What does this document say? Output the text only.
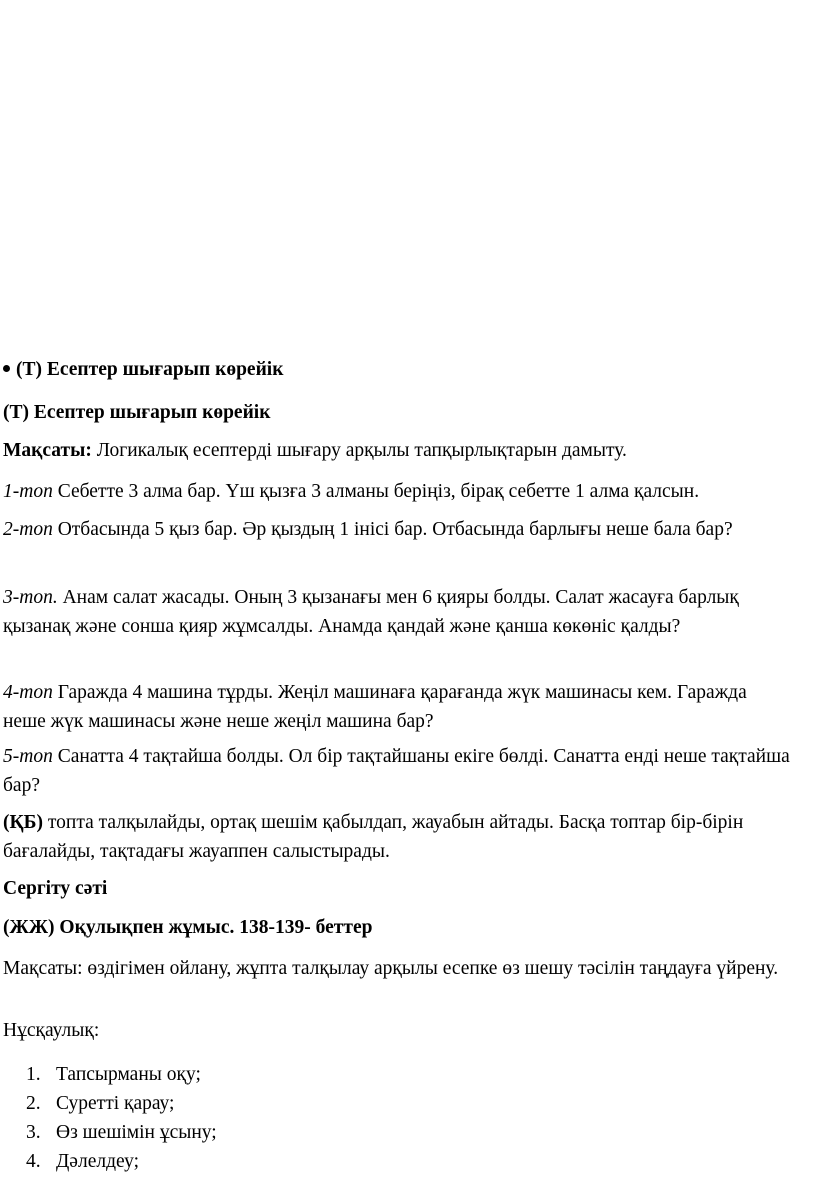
(Т) Есептер шығарып көрейік

(Т) Есептер шығарып көрейік

Мақсаты: Логикалық есептерді шығару арқылы тапқырлықтарын дамыту.

1-топ Себетте 3 алма бар. Үш қызға 3 алманы беріңіз, бірақ себетте 1 алма қалсын.

2-топ Отбасында 5 қыз бар. Әр қыздың 1 інісі бар. Отбасында барлығы неше бала бар?

3-топ. Анам салат жасады. Оның 3 қызанағы мен 6 қияры болды. Салат жасауға барлық қызанақ және сонша қияр жұмсалды. Анамда қандай және қанша көкөніс қалды?

4-топ Гаражда 4 машина тұрды. Жеңіл машинаға қарағанда жүк машинасы кем. Гаражда неше жүк машинасы және неше жеңіл машина бар?

5-топ Санатта 4 тақтайша болды. Ол бір тақтайшаны екіге бөлді. Санатта енді неше тақтайша бар?

(ҚБ) топта талқылайды, ортақ шешім қабылдап, жауабын айтады. Басқа топтар бір-бірін бағалайды, тақтадағы жауаппен салыстырады.

Сергіту сәті

(ЖЖ) Оқулықпен жұмыс. 138-139- беттер

Мақсаты: өздігімен ойлану, жұпта талқылау арқылы есепке өз шешу тәсілін таңдауға үйрену.

Нұсқаулық:

1. Тапсырманы оқу;
2. Суретті қарау;
3. Өз шешімін ұсыну;
4. Дәлелдеу;
